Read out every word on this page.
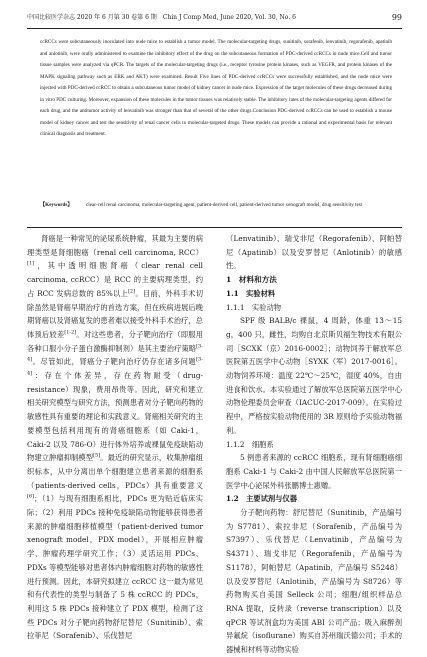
中国比较医学杂志 2020 年 6 月第 30 卷第 6 期　Chin J Comp Med, June 2020, Vol. 30, No. 6	99
ccRCCs were subcutaneously inoculated into nude mice to establish a tumor model. The molecular-targeting drugs, sunitinib, sorafenib, lenvatinib, regorafenib, apatinib and anlotinib, were orally administered to examine the inhibitory effect of the drug on the subcutaneous formation of PDC-derived ccRCCs in nude mice.Cell and tumor tissue samples were analyzed via qPCR. The targets of the molecular-targeting drugs (i.e., receptor tyrosine protein kinases, such as VEGFR, and protein kinases of the MAPK signaling pathway such as ERK and AKT) were examined. Result Five lines of PDC-derived ccRCCs were successfully established, and the nude mice were injected with PDC-derived ccRCC to obtain a subcutaneous tumor model of kidney cancer in nude mice. Expression of the target molecules of these drugs decreased during in vitro PDC culturing. Moreover, expansion of these molecules in the tumor tissues was relatively stable. The inhibitory rates of the molecular-targeting agents differed for each drug, and the antitumor activity of lenvatinib was stronger than that of several of the other drugs.Conclusion PDC-derived ccRCCs can be used to establish a mouse model of kidney cancer and test the sensitivity of renal cancer cells to molecular-targeted drugs. These models can provide a rational and experimental basis for relevant clinical diagnosis and treatment.
【Keywords】	clear-cell renal carcinoma, molecular-targeting agent, patient-derived cell, patient-derived tumor xenograft model, drug sensitivity test

肾癌是一种常见的泌尿系统肿瘤，其最为主要的病理类型是肾细胞癌（renal cell carcinoma, RCC）[1]，其中透明细胞肾癌（clear renal cell carcinoma, ccRCC）是 RCC 的主要病理类型，约占 RCC 发病总数的 85%以上[2]。目前，外科手术切除虽然是肾癌早期治疗的首选方案，但在疾病进展后晚期肾癌以及肾癌复发的患者难以接受外科手术治疗，总体预后较差[1-2]。对这些患者，分子靶向治疗（即服用各种口服小分子蛋白激酶抑制剂）是其主要治疗策略[3-4]。尽管如此，肾癌分子靶向治疗仍存在诸多问题[3-4]：存在个体差异，存在药物耐受（drug-resistance）现象，费用昂贵等。因此，研究和建立相关研究模型与研究方法，预测患者对分子靶向药物的敏感性具有重要的理论和实践意义。肾癌相关研究的主要模型包括利用现有的肾癌细胞系（如 Caki-1，Caki-2 以及 786-O）进行体外培养或裸鼠免疫缺陷动物建立肿瘤抑制模型[5]。最近的研究显示，收集肿瘤组织标本，从中分离出单个细胞建立患者来源的细胞系（patients-derived cells，PDCs）具有重要意义[6]；（1）与现有细胞系相比，PDCs 更为贴近临床实际；（2）利用 PDCs 接种免疫缺陷动物能够获得患者来源的肿瘤细胞移植模型（patient-derived tumor xenograft model，PDX model），开展相应肿瘤学、肿瘤药理学研究工作；（3）灵活运用 PDCs、PDXs 等模型能够对患者体内肿瘤细胞对药物的敏感性进行预测。因此，本研究拟建立 ccRCC 这一最为常见和有代表性的类型与制备了 5 株 ccRCC 的 PDCs，利用这 5 株 PDCs 接种建立了 PDX 模型，检测了这些 PDCs 对分子靶向药物舒尼替尼（Sunitinib）、索拉菲尼（Sorafenib）、乐伐替尼

（Lenvatinib）、瑞戈非尼（Regorafenib）、阿帕替尼（Apatinib）以及安罗替尼（Anlotinib）的敏感性。

1　材料和方法

1.1　实验材料

1.1.1　实验动物

SPF 级 BALB/c 裸鼠，4 周龄，体重 13～15 g，400 只，雌性，均购自北京斯贝福生物技术有限公司［SCXK（京）2016-0002］；动物饲养于解放军总医院第五医学中心动物［SYXK（军）2017-0016］。动物饲养环境：温度 22℃～25℃，湿度 40%，自由进食和饮水。本实验通过了解放军总医院第五医学中心动物伦理委员会审查（IACUC-2017-009）。在实验过程中，严格按实验动物使用的 3R 原则给予实验动物福利。

1.1.2　细胞系

5 例患者来源的 ccRCC 细胞系，现有肾细胞癌细胞系 Caki-1 与 Caki-2 由中国人民解放军总医院第一医学中心泌尿外科张鹏博士惠赠。

1.2　主要试剂与仪器

分子靶向药物：舒尼替尼（Sunitinib，产品编号为 S7781）、索拉非尼（Sorafenib，产品编号为 S7397）、乐伐替尼（Lenvatinib，产品编号为 S4371）、瑞戈非尼（Regorafenib，产品编号为 S1178），阿帕替尼（Apatinib，产品编号 S5248）以及安罗替尼（Anlotinib，产品编号为 S8726）等药物购买自美国 Selleck 公司；细胞/组织样品总 RNA 提取，反转录（reverse transcription）以及 qPCR 等试剂盒均为美国 ABI 公司产品；吸入麻醉剂异氟烷（isoflurane）购买自苏州瑞沃德公司；手术的器械和材料等动物实验
